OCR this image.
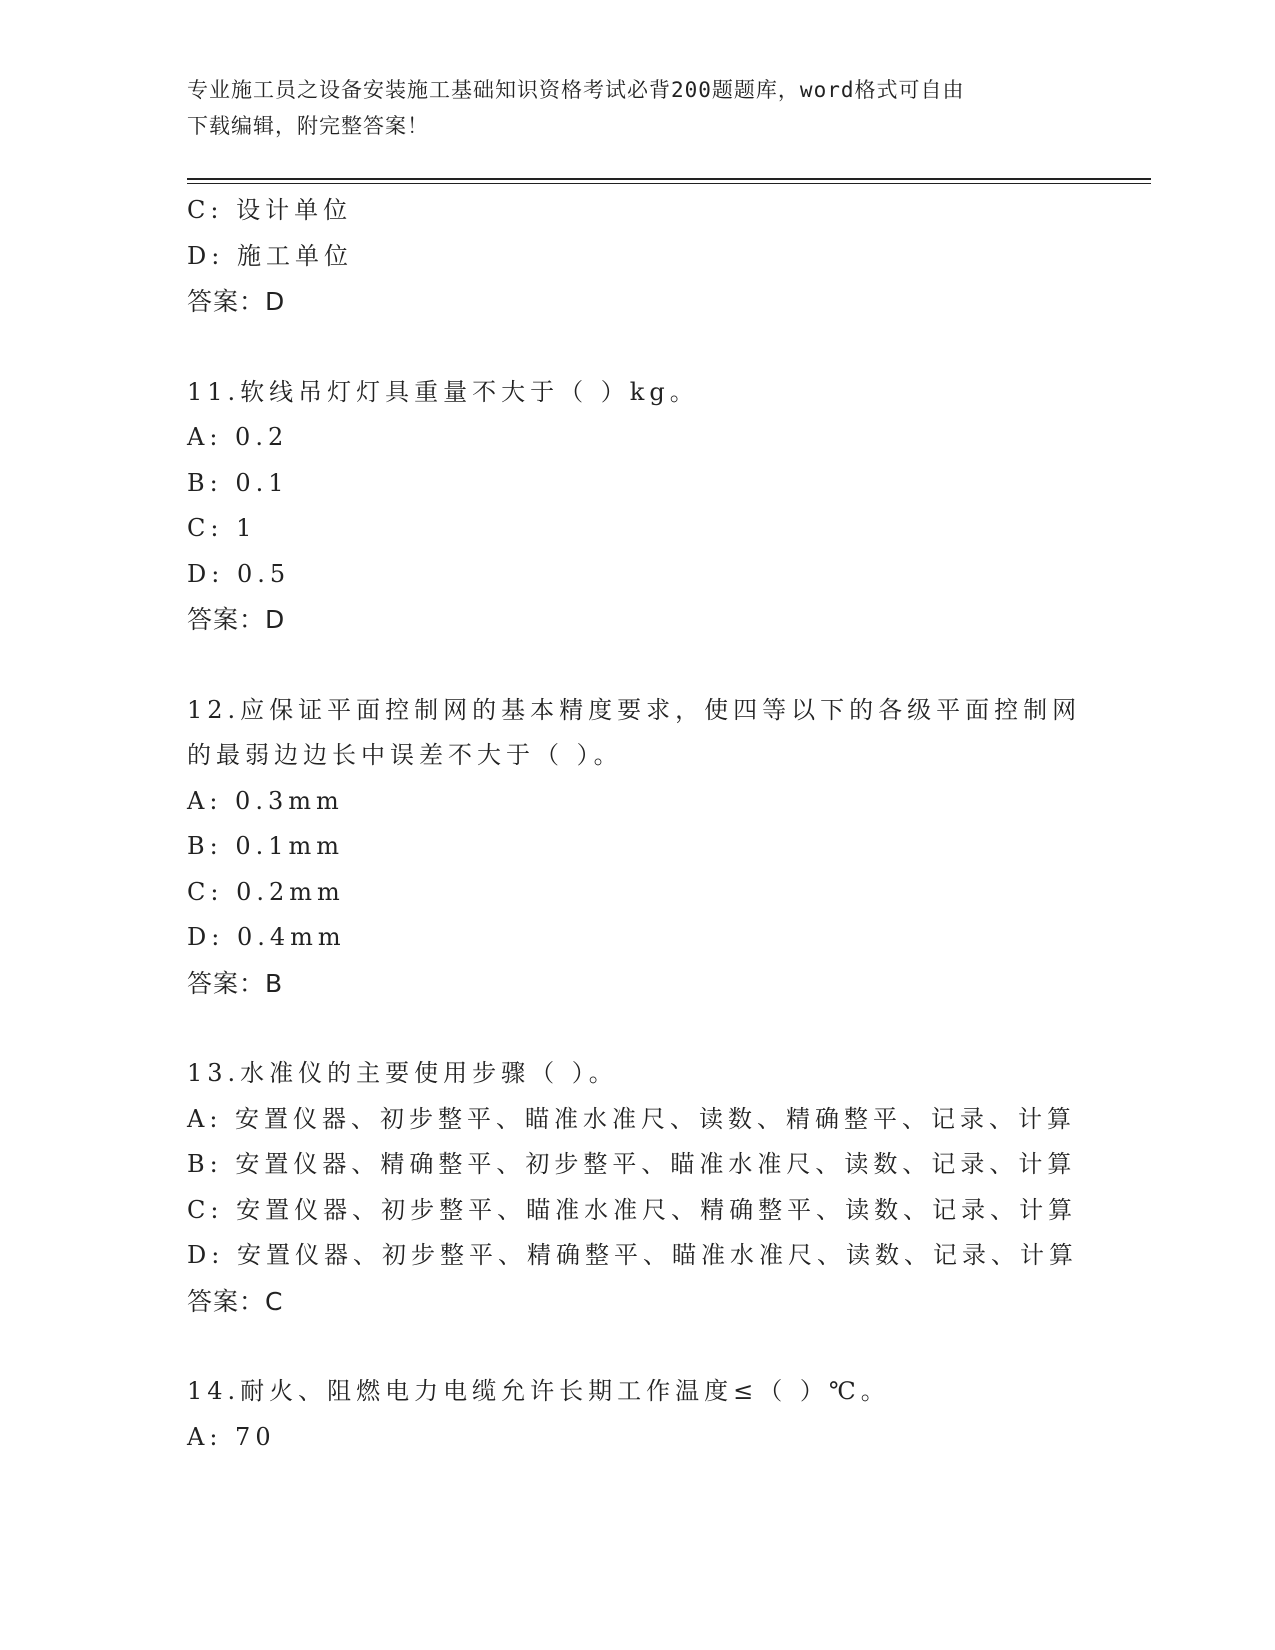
专业施工员之设备安装施工基础知识资格考试必背200题题库，word格式可自由
下载编辑，附完整答案！
C: 设计单位
D: 施工单位
答案：D
11.软线吊灯灯具重量不大于（ ）kg。
A: 0.2
B: 0.1
C: 1
D: 0.5
答案：D
12.应保证平面控制网的基本精度要求，使四等以下的各级平面控制网
的最弱边边长中误差不大于（ ）。
A: 0.3mm
B: 0.1mm
C: 0.2mm
D: 0.4mm
答案：B
13.水准仪的主要使用步骤（ ）。
A: 安置仪器、初步整平、瞄准水准尺、读数、精确整平、记录、计算
B: 安置仪器、精确整平、初步整平、瞄准水准尺、读数、记录、计算
C: 安置仪器、初步整平、瞄准水准尺、精确整平、读数、记录、计算
D: 安置仪器、初步整平、精确整平、瞄准水准尺、读数、记录、计算
答案：C
14.耐火、阻燃电力电缆允许长期工作温度≤（ ）℃。
A: 70
